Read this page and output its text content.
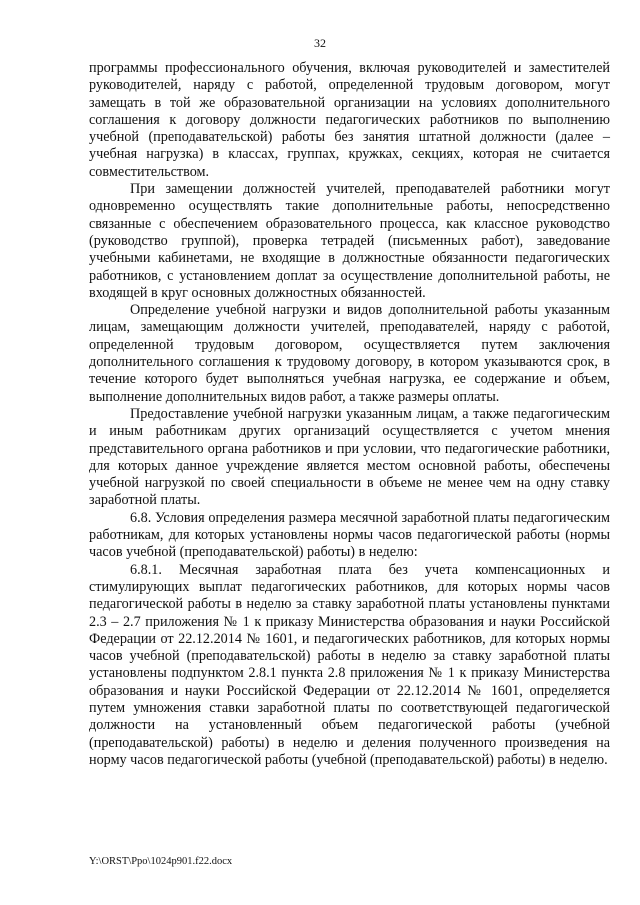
32

программы профессионального обучения, включая руководителей и заместителей руководителей, наряду с работой, определенной трудовым договором, могут замещать в той же образовательной организации на условиях дополнительного соглашения к договору должности педагогических работников по выполнению учебной (преподавательской) работы без занятия штатной должности (далее – учебная нагрузка) в классах, группах, кружках, секциях, которая не считается совместительством.

При замещении должностей учителей, преподавателей работники могут одновременно осуществлять такие дополнительные работы, непосредственно связанные с обеспечением образовательного процесса, как классное руководство (руководство группой), проверка тетрадей (письменных работ), заведование учебными кабинетами, не входящие в должностные обязанности педагогических работников, с установлением доплат за осуществление дополнительной работы, не входящей в круг основных должностных обязанностей.

Определение учебной нагрузки и видов дополнительной работы указанным лицам, замещающим должности учителей, преподавателей, наряду с работой, определенной трудовым договором, осуществляется путем заключения дополнительного соглашения к трудовому договору, в котором указываются срок, в течение которого будет выполняться учебная нагрузка, ее содержание и объем, выполнение дополнительных видов работ, а также размеры оплаты.

Предоставление учебной нагрузки указанным лицам, а также педагогическим и иным работникам других организаций осуществляется с учетом мнения представительного органа работников и при условии, что педагогические работники, для которых данное учреждение является местом основной работы, обеспечены учебной нагрузкой по своей специальности в объеме не менее чем на одну ставку заработной платы.

6.8. Условия определения размера месячной заработной платы педагогическим работникам, для которых установлены нормы часов педагогической работы (нормы часов учебной (преподавательской) работы) в неделю:

6.8.1. Месячная заработная плата без учета компенсационных и стимулирующих выплат педагогических работников, для которых нормы часов педагогической работы в неделю за ставку заработной платы установлены пунктами 2.3 – 2.7 приложения № 1 к приказу Министерства образования и науки Российской Федерации от 22.12.2014 № 1601, и педагогических работников, для которых нормы часов учебной (преподавательской) работы в неделю за ставку заработной платы установлены подпунктом 2.8.1 пункта 2.8 приложения № 1 к приказу Министерства образования и науки Российской Федерации от 22.12.2014 № 1601, определяется путем умножения ставки заработной платы по соответствующей педагогической должности на установленный объем педагогической работы (учебной (преподавательской) работы) в неделю и деления полученного произведения на норму часов педагогической работы (учебной (преподавательской) работы) в неделю.

Y:\ORST\Ppo\1024p901.f22.docx
